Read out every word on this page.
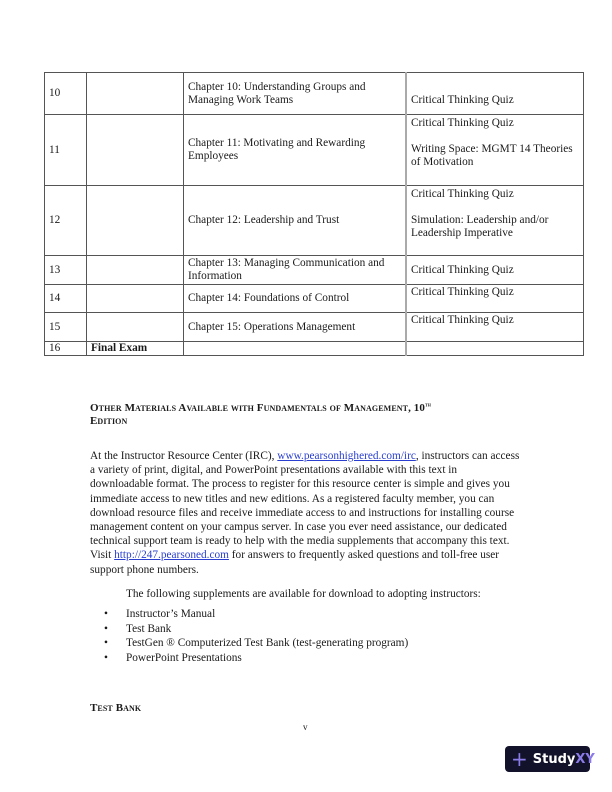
10		Chapter 10: Understanding Groups and Managing Work Teams	Critical Thinking Quiz

11		Chapter 11: Motivating and Rewarding Employees	Critical Thinking Quiz
Writing Space: MGMT 14 Theories of Motivation

12		Chapter 12: Leadership and Trust	Critical Thinking Quiz
Simulation: Leadership and/or Leadership Imperative

13		Chapter 13: Managing Communication and Information	Critical Thinking Quiz

14		Chapter 14: Foundations of Control	Critical Thinking Quiz

15		Chapter 15: Operations Management	Critical Thinking Quiz

16	Final Exam		
Other Materials Available with Fundamentals of Management, 10th
Edition
At the Instructor Resource Center (IRC), www.pearsonhighered.com/irc, instructors can access a variety of print, digital, and PowerPoint presentations available with this text in downloadable format. The process to register for this resource center is simple and gives you immediate access to new titles and new editions. As a registered faculty member, you can download resource files and receive immediate access to and instructions for installing course management content on your campus server. In case you ever need assistance, our dedicated technical support team is ready to help with the media supplements that accompany this text. Visit http://247.pearsoned.com for answers to frequently asked questions and toll-free user support phone numbers.
The following supplements are available for download to adopting instructors:
• Instructor’s Manual
• Test Bank
• TestGen ® Computerized Test Bank (test-generating program)
• PowerPoint Presentations
Test Bank
v
+ Study XY
